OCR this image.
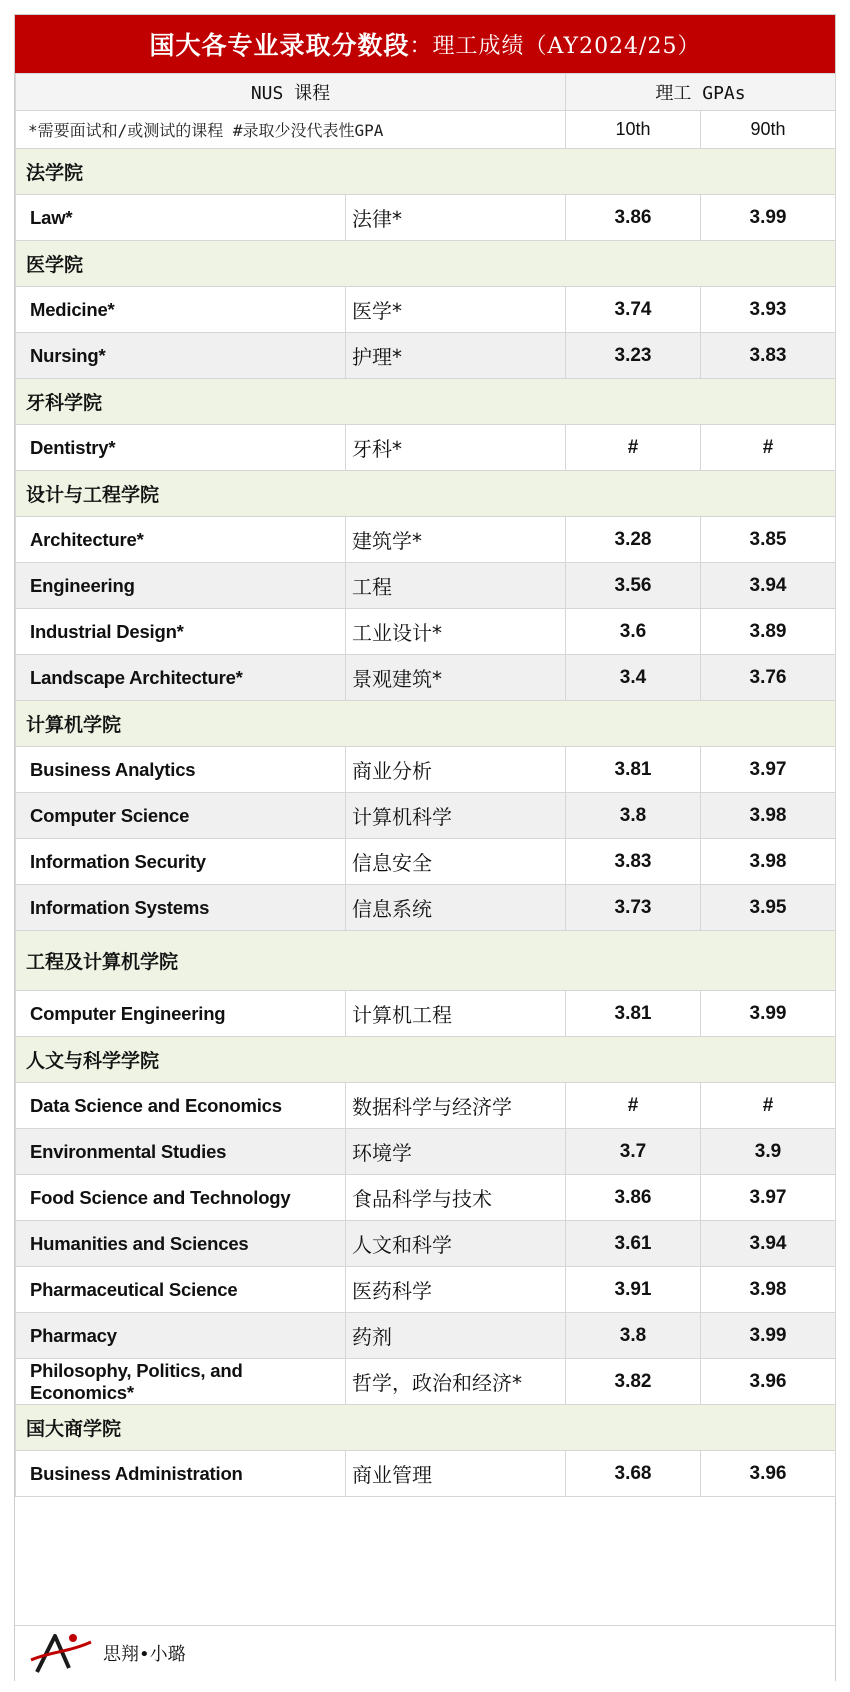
国大各专业录取分数段 ：理工成绩（AY2024/25）
NUS 课程		理工 GPAs	
*需要面试和/或测试的课程 #录取少没代表性GPA		10th	90th
法学院			
Law*	法律*	3.86	3.99
医学院			
Medicine*	医学*	3.74	3.93
Nursing*	护理*	3.23	3.83
牙科学院			
Dentistry*	牙科*	#	#
设计与工程学院			
Architecture*	建筑学*	3.28	3.85
Engineering	工程	3.56	3.94
Industrial Design*	工业设计*	3.6	3.89
Landscape Architecture*	景观建筑*	3.4	3.76
计算机学院			
Business Analytics	商业分析	3.81	3.97
Computer Science	计算机科学	3.8	3.98
Information Security	信息安全	3.83	3.98
Information Systems	信息系统	3.73	3.95
工程及计算机学院			
Computer Engineering	计算机工程	3.81	3.99
人文与科学学院			
Data Science and Economics	数据科学与经济学	#	#
Environmental Studies	环境学	3.7	3.9
Food Science and Technology	食品科学与技术	3.86	3.97
Humanities and Sciences	人文和科学	3.61	3.94
Pharmaceutical Science	医药科学	3.91	3.98
Pharmacy	药剂	3.8	3.99
Philosophy, Politics, and Economics*	哲学，政治和经济*	3.82	3.96
国大商学院			
Business Administration	商业管理	3.68	3.96
思翔•小璐
